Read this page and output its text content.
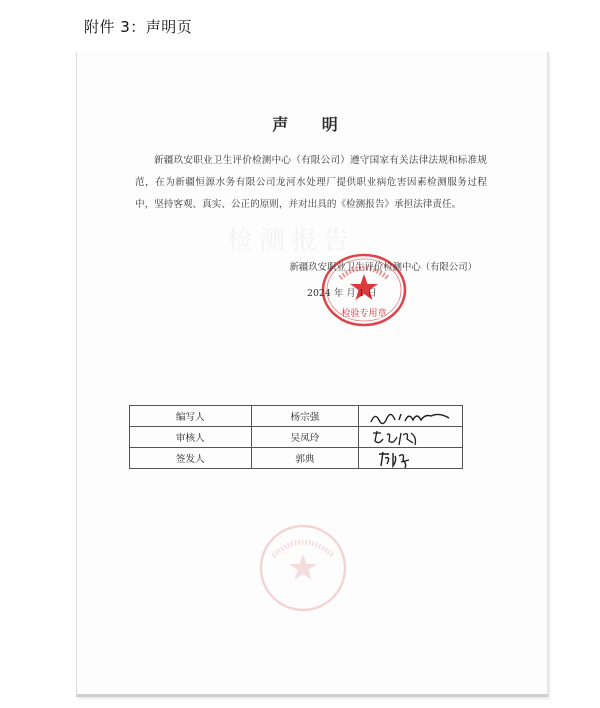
附件 3：声明页
声 明
检测报告
新疆玖安职业卫生评价检测中心（有限公司）遵守国家有关法律法规和标准规范，在为新疆恒源水务有限公司龙河水处理厂提供职业病危害因素检测服务过程中，坚持客观、真实、公正的原则，并对出具的《检测报告》承担法律责任。
检验专用章
新疆玖安职业卫生评价检测中心（有限公司）
2024 年 月 1 日
编写人	杨宗强	

审核人	吴凤玲	

签发人	郭典	
